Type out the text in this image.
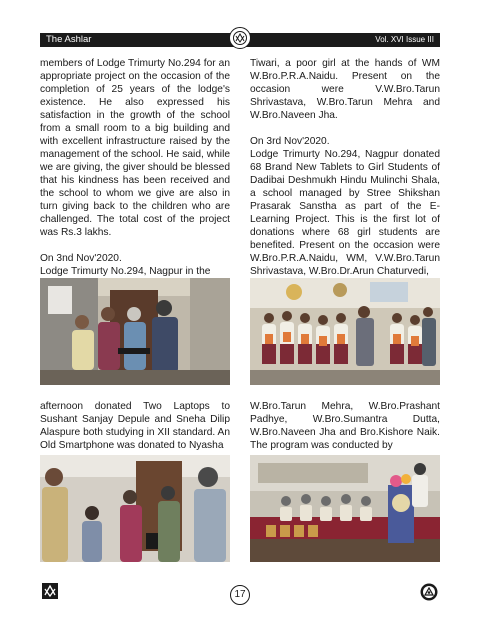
The Ashlar	Vol. XVI Issue III

members of Lodge Trimurty No.294 for an appropriate project on the occasion of the completion of 25 years of the lodge's existence. He also expressed his satisfaction in the growth of the school from a small room to a big building and with excellent infrastructure raised by the management of the school. He said, while we are giving, the giver should be blessed that his kindness has been received and the school to whom we give are also in turn giving back to the children who are challenged. The total cost of the project was Rs.3 lakhs.

On 3nd Nov'2020.
Lodge Trimurty No.294, Nagpur in the

Tiwari, a poor girl at the hands of WM W.Bro.P.R.A.Naidu. Present on the occasion were V.W.Bro.Tarun Shrivastava, W.Bro.Tarun Mehra and W.Bro.Naveen Jha.

On 3rd Nov'2020.
Lodge Trimurty No.294, Nagpur donated 68 Brand New Tablets to Girl Students of Dadibai Deshmukh Hindu Mulinchi Shala, a school managed by Stree Shikshan Prasarak Sanstha as part of the E-Learning Project. This is the first lot of donations where 68 girl students are benefited. Present on the occasion were W.Bro.P.R.A.Naidu, WM, V.W.Bro.Tarun Shrivastava, W.Bro.Dr.Arun Chaturvedi,

afternoon donated Two Laptops to Sushant Sanjay Depule and Sneha Dilip Alaspure both studying in XII standard. An Old Smartphone was donated to Nyasha

W.Bro.Tarun Mehra, W.Bro.Prashant Padhye, W.Bro.Sumantra Dutta, W.Bro.Naveen Jha and Bro.Kishore Naik. The program was conducted by

17
